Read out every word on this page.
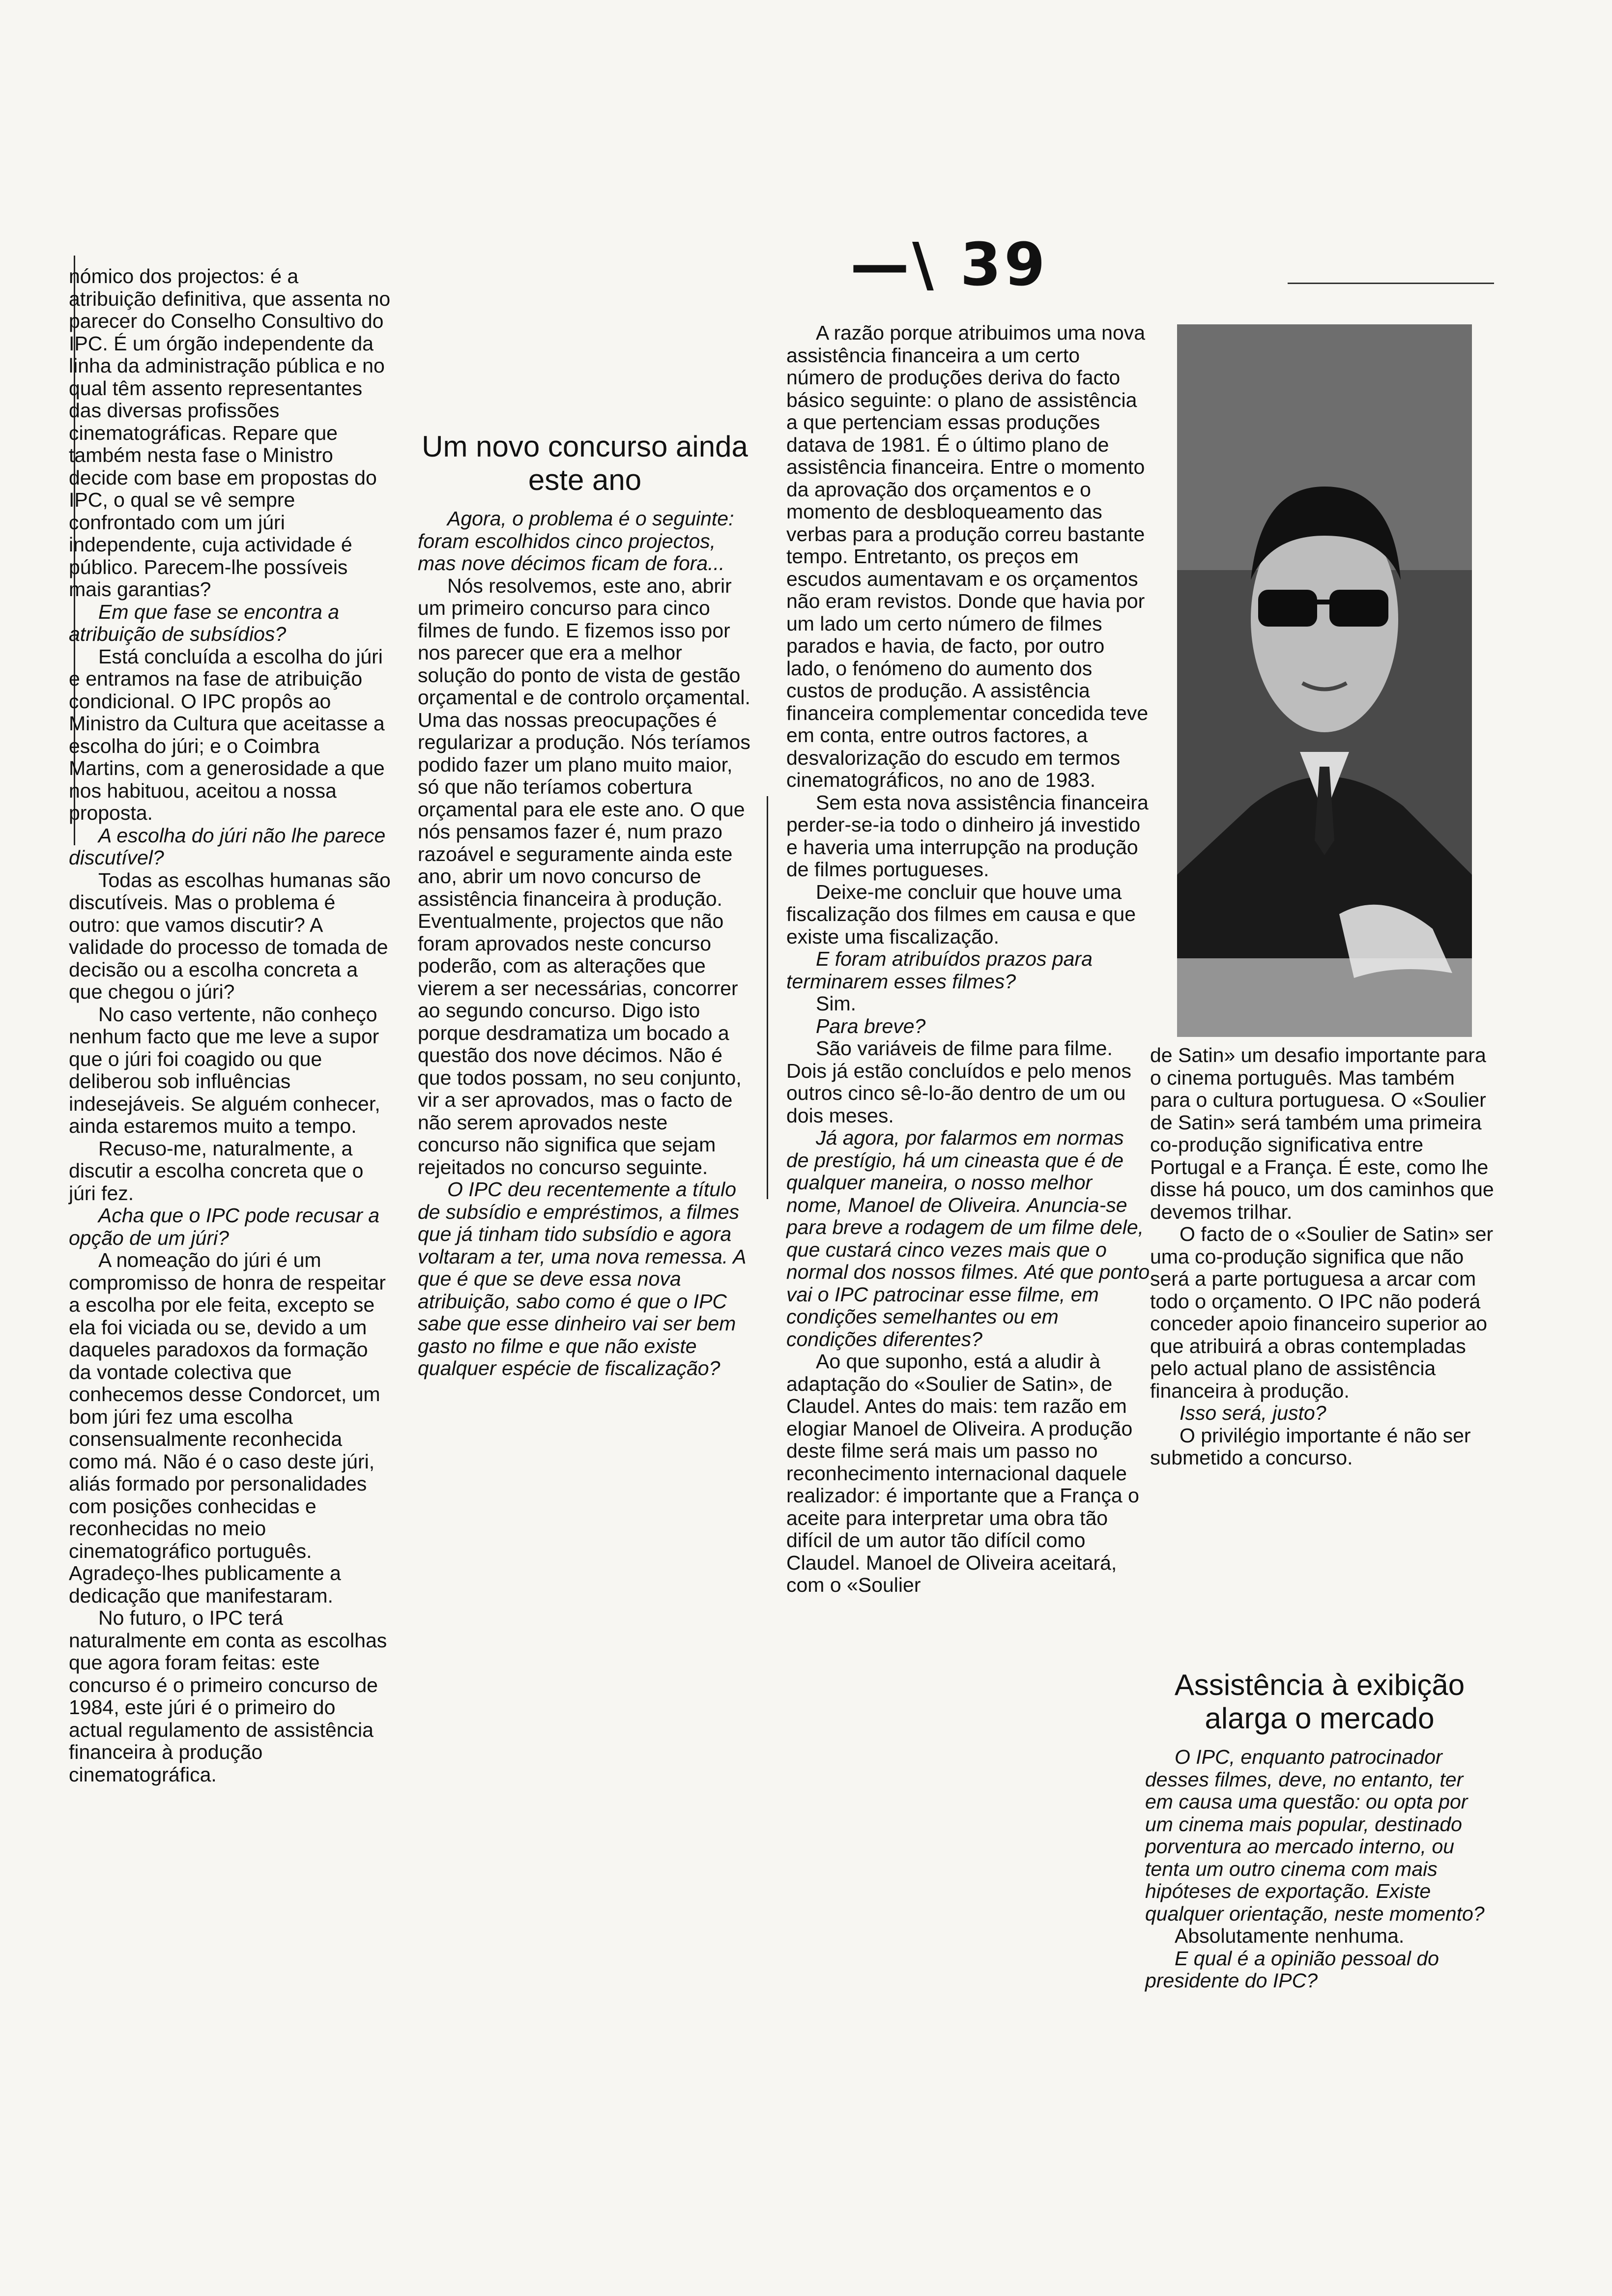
—\ 39

nómico dos projectos: é a atribuição definitiva, que assenta no parecer do Conselho Consultivo do IPC. É um órgão independente da linha da administração pública e no qual têm assento representantes das diversas profissões cinematográficas. Repare que também nesta fase o Ministro decide com base em propostas do IPC, o qual se vê sempre confrontado com um júri independente, cuja actividade é público. Parecem-lhe possíveis mais garantias?

Em que fase se encontra a atribuição de subsídios?

Está concluída a escolha do júri e entramos na fase de atribuição condicional. O IPC propôs ao Ministro da Cultura que aceitasse a escolha do júri; e o Coimbra Martins, com a generosidade a que nos habituou, aceitou a nossa proposta.

A escolha do júri não lhe parece discutível?

Todas as escolhas humanas são discutíveis. Mas o problema é outro: que vamos discutir? A validade do processo de tomada de decisão ou a escolha concreta a que chegou o júri?

No caso vertente, não conheço nenhum facto que me leve a supor que o júri foi coagido ou que deliberou sob influências indesejáveis. Se alguém conhecer, ainda estaremos muito a tempo.

Recuso-me, naturalmente, a discutir a escolha concreta que o júri fez.

Acha que o IPC pode recusar a opção de um júri?

A nomeação do júri é um compromisso de honra de respeitar a escolha por ele feita, excepto se ela foi viciada ou se, devido a um daqueles paradoxos da formação da vontade colectiva que conhecemos desse Condorcet, um bom júri fez uma escolha consensualmente reconhecida como má. Não é o caso deste júri, aliás formado por personalidades com posições conhecidas e reconhecidas no meio cinematográfico português. Agradeço-lhes publicamente a dedicação que manifestaram.

No futuro, o IPC terá naturalmente em conta as escolhas que agora foram feitas: este concurso é o primeiro concurso de 1984, este júri é o primeiro do actual regulamento de assistência financeira à produção cinematográfica.

Um novo concurso ainda este ano

Agora, o problema é o seguinte: foram escolhidos cinco projectos, mas nove décimos ficam de fora...

Nós resolvemos, este ano, abrir um primeiro concurso para cinco filmes de fundo. E fizemos isso por nos parecer que era a melhor solução do ponto de vista de gestão orçamental e de controlo orçamental. Uma das nossas preocupações é regularizar a produção. Nós teríamos podido fazer um plano muito maior, só que não teríamos cobertura orçamental para ele este ano. O que nós pensamos fazer é, num prazo razoável e seguramente ainda este ano, abrir um novo concurso de assistência financeira à produção. Eventualmente, projectos que não foram aprovados neste concurso poderão, com as alterações que vierem a ser necessárias, concorrer ao segundo concurso. Digo isto porque desdramatiza um bocado a questão dos nove décimos. Não é que todos possam, no seu conjunto, vir a ser aprovados, mas o facto de não serem aprovados neste concurso não significa que sejam rejeitados no concurso seguinte.

O IPC deu recentemente a título de subsídio e empréstimos, a filmes que já tinham tido subsídio e agora voltaram a ter, uma nova remessa. A que é que se deve essa nova atribuição, sabo como é que o IPC sabe que esse dinheiro vai ser bem gasto no filme e que não existe qualquer espécie de fiscalização?

A razão porque atribuimos uma nova assistência financeira a um certo número de produções deriva do facto básico seguinte: o plano de assistência a que pertenciam essas produções datava de 1981. É o último plano de assistência financeira. Entre o momento da aprovação dos orçamentos e o momento de desbloqueamento das verbas para a produção correu bastante tempo. Entretanto, os preços em escudos aumentavam e os orçamentos não eram revistos. Donde que havia por um lado um certo número de filmes parados e havia, de facto, por outro lado, o fenómeno do aumento dos custos de produção. A assistência financeira complementar concedida teve em conta, entre outros factores, a desvalorização do escudo em termos cinematográficos, no ano de 1983.

Sem esta nova assistência financeira perder-se-ia todo o dinheiro já investido e haveria uma interrupção na produção de filmes portugueses.

Deixe-me concluir que houve uma fiscalização dos filmes em causa e que existe uma fiscalização.

E foram atribuídos prazos para terminarem esses filmes?

Sim.

Para breve?

São variáveis de filme para filme. Dois já estão concluídos e pelo menos outros cinco sê-lo-ão dentro de um ou dois meses.

Já agora, por falarmos em normas de prestígio, há um cineasta que é de qualquer maneira, o nosso melhor nome, Manoel de Oliveira. Anuncia-se para breve a rodagem de um filme dele, que custará cinco vezes mais que o normal dos nossos filmes. Até que ponto vai o IPC patrocinar esse filme, em condições semelhantes ou em condições diferentes?

Ao que suponho, está a aludir à adaptação do «Soulier de Satin», de Claudel. Antes do mais: tem razão em elogiar Manoel de Oliveira. A produção deste filme será mais um passo no reconhecimento internacional daquele realizador: é importante que a França o aceite para interpretar uma obra tão difícil de um autor tão difícil como Claudel. Manoel de Oliveira aceitará, com o «Soulier

de Satin» um desafio importante para o cinema português. Mas também para o cultura portuguesa. O «Soulier de Satin» será também uma primeira co-produção significativa entre Portugal e a França. É este, como lhe disse há pouco, um dos caminhos que devemos trilhar.

O facto de o «Soulier de Satin» ser uma co-produção significa que não será a parte portuguesa a arcar com todo o orçamento. O IPC não poderá conceder apoio financeiro superior ao que atribuirá a obras contempladas pelo actual plano de assistência financeira à produção.

Isso será, justo?

O privilégio importante é não ser submetido a concurso.

Assistência à exibição alarga o mercado

O IPC, enquanto patrocinador desses filmes, deve, no entanto, ter em causa uma questão: ou opta por um cinema mais popular, destinado porventura ao mercado interno, ou tenta um outro cinema com mais hipóteses de exportação. Existe qualquer orientação, neste momento?

Absolutamente nenhuma.

E qual é a opinião pessoal do presidente do IPC?
